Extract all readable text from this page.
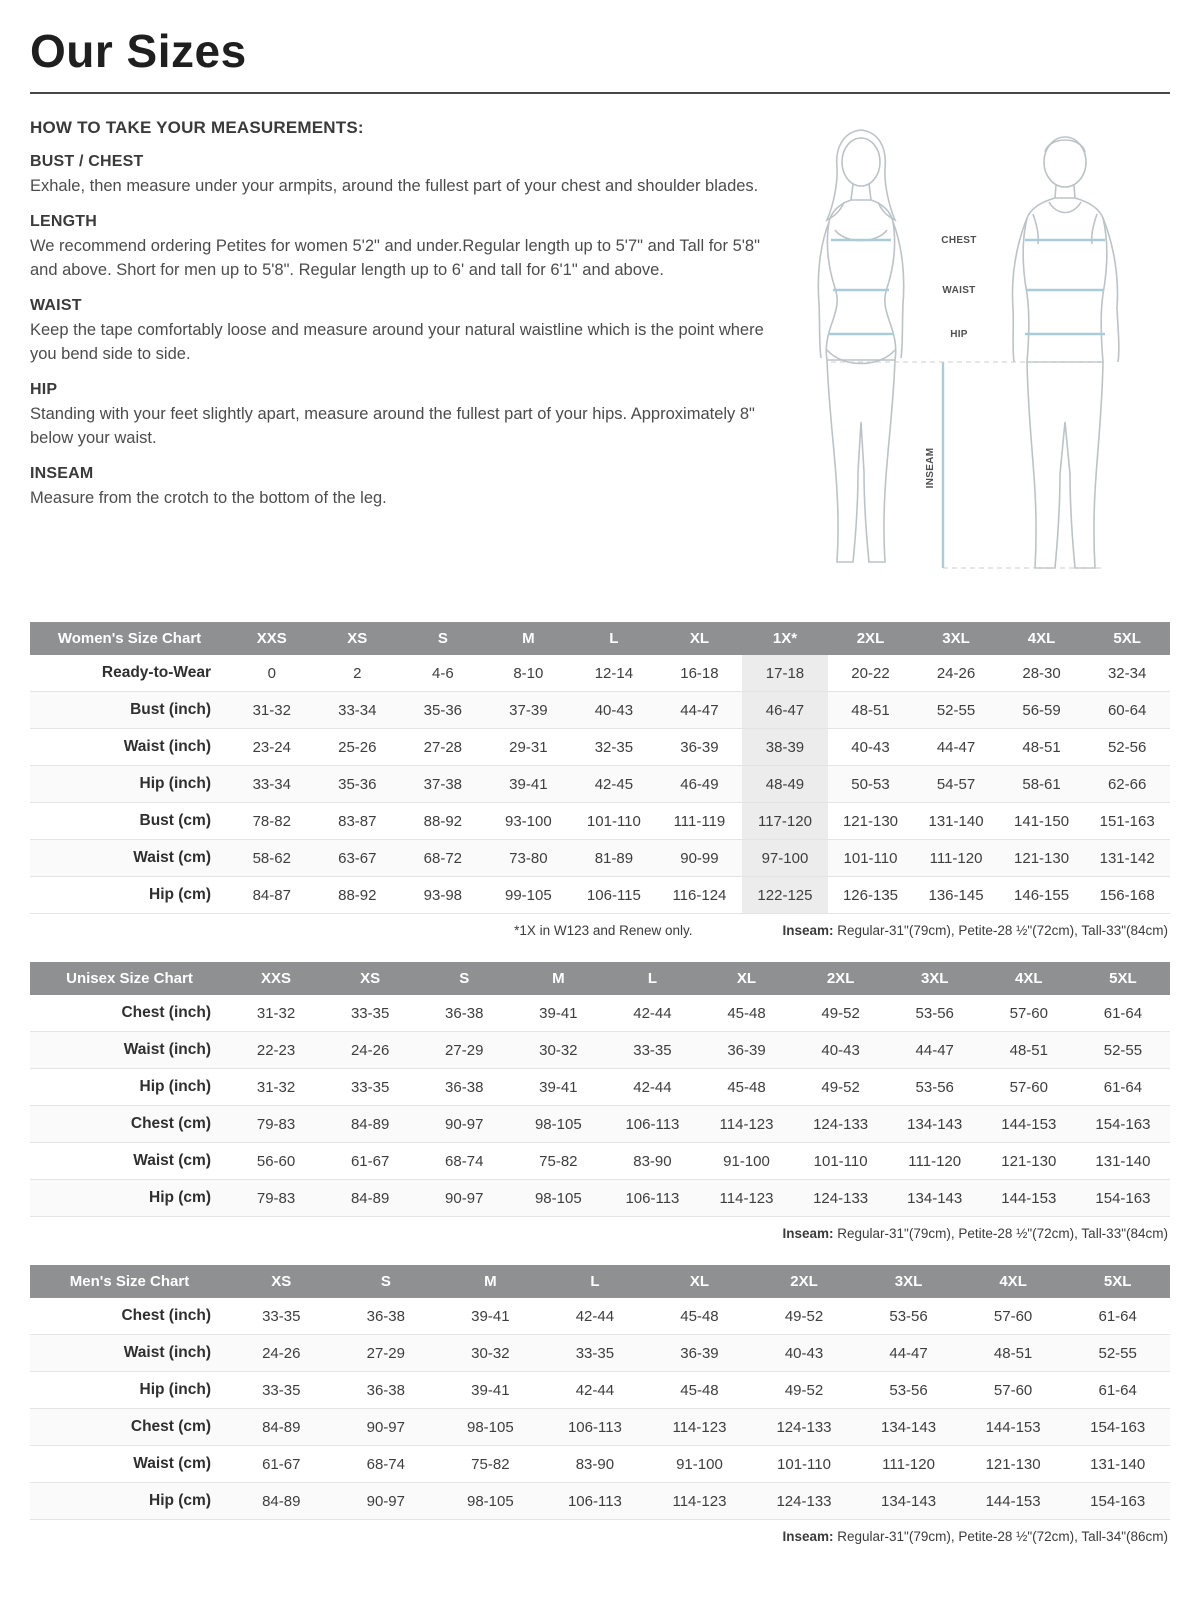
Our Sizes

HOW TO TAKE YOUR MEASUREMENTS:

BUST / CHEST

Exhale, then measure under your armpits, around the fullest part of your chest and shoulder blades.

LENGTH

We recommend ordering Petites for women 5'2" and under.Regular length up to 5'7" and Tall for 5'8" and above. Short for men up to 5'8". Regular length up to 6' and tall for 6'1" and above.

WAIST

Keep the tape comfortably loose and measure around your natural waistline which is the point where you bend side to side.

HIP

Standing with your feet slightly apart, measure around the fullest part of your hips. Approximately 8" below your waist.

INSEAM

Measure from the crotch to the bottom of the leg.

CHEST
WAIST
HIP
INSEAM
Women's Size Chart	XXS	XS	S	M	L	XL	1X*	2XL	3XL	4XL	5XL
Ready-to-Wear	0	2	4-6	8-10	12-14	16-18	17-18	20-22	24-26	28-30	32-34
Bust (inch)	31-32	33-34	35-36	37-39	40-43	44-47	46-47	48-51	52-55	56-59	60-64
Waist (inch)	23-24	25-26	27-28	29-31	32-35	36-39	38-39	40-43	44-47	48-51	52-56
Hip (inch)	33-34	35-36	37-38	39-41	42-45	46-49	48-49	50-53	54-57	58-61	62-66
Bust (cm)	78-82	83-87	88-92	93-100	101-110	111-119	117-120	121-130	131-140	141-150	151-163
Waist (cm)	58-62	63-67	68-72	73-80	81-89	90-99	97-100	101-110	111-120	121-130	131-142
Hip (cm)	84-87	88-92	93-98	99-105	106-115	116-124	122-125	126-135	136-145	146-155	156-168
*1X in W123 and Renew only.	Inseam: Regular-31"(79cm), Petite-28 ½"(72cm), Tall-33"(84cm)
Unisex Size Chart	XXS	XS	S	M	L	XL	2XL	3XL	4XL	5XL
Chest (inch)	31-32	33-35	36-38	39-41	42-44	45-48	49-52	53-56	57-60	61-64
Waist (inch)	22-23	24-26	27-29	30-32	33-35	36-39	40-43	44-47	48-51	52-55
Hip (inch)	31-32	33-35	36-38	39-41	42-44	45-48	49-52	53-56	57-60	61-64
Chest (cm)	79-83	84-89	90-97	98-105	106-113	114-123	124-133	134-143	144-153	154-163
Waist (cm)	56-60	61-67	68-74	75-82	83-90	91-100	101-110	111-120	121-130	131-140
Hip (cm)	79-83	84-89	90-97	98-105	106-113	114-123	124-133	134-143	144-153	154-163
Inseam: Regular-31"(79cm), Petite-28 ½"(72cm), Tall-33"(84cm)
Men's Size Chart	XS	S	M	L	XL	2XL	3XL	4XL	5XL
Chest (inch)	33-35	36-38	39-41	42-44	45-48	49-52	53-56	57-60	61-64
Waist (inch)	24-26	27-29	30-32	33-35	36-39	40-43	44-47	48-51	52-55
Hip (inch)	33-35	36-38	39-41	42-44	45-48	49-52	53-56	57-60	61-64
Chest (cm)	84-89	90-97	98-105	106-113	114-123	124-133	134-143	144-153	154-163
Waist (cm)	61-67	68-74	75-82	83-90	91-100	101-110	111-120	121-130	131-140
Hip (cm)	84-89	90-97	98-105	106-113	114-123	124-133	134-143	144-153	154-163
Inseam: Regular-31"(79cm), Petite-28 ½"(72cm), Tall-34"(86cm)
